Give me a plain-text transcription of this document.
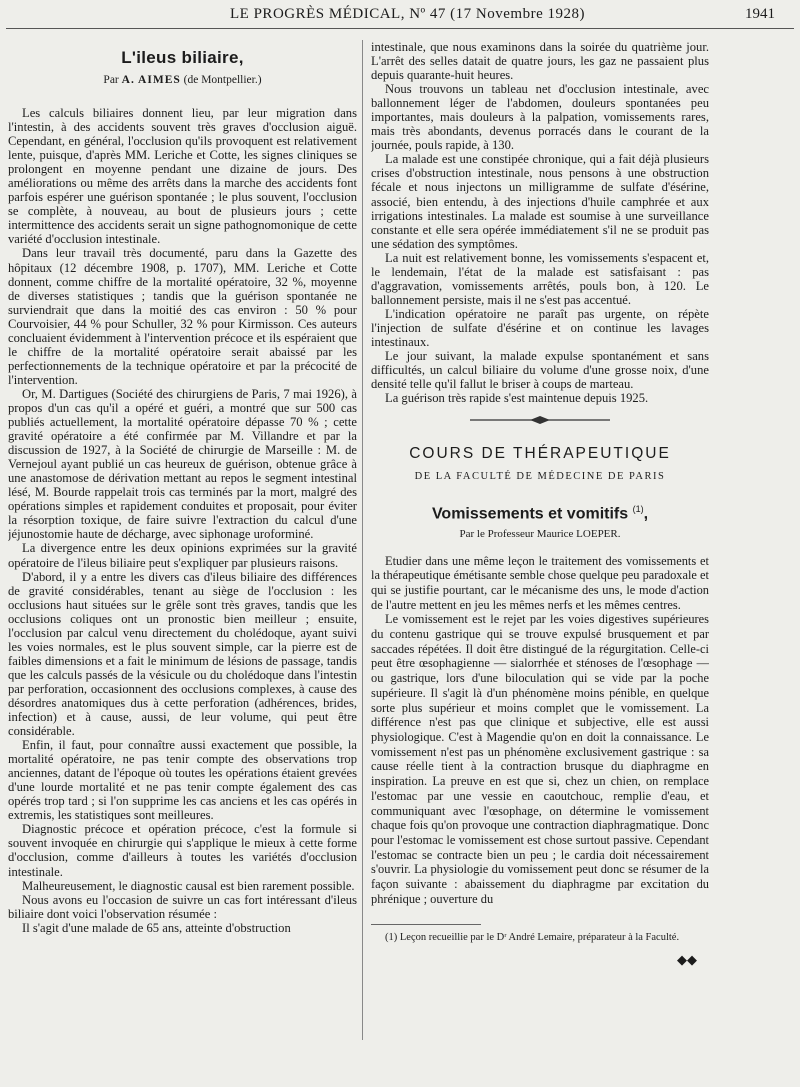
LE PROGRÈS MÉDICAL, Nº 47 (17 Novembre 1928)	1941
L'ileus biliaire,
Par A. AIMES (de Montpellier.)

Les calculs biliaires donnent lieu, par leur migration dans l'intestin, à des accidents souvent très graves d'occlusion aiguë. Cependant, en général, l'occlusion qu'ils provoquent est relativement lente, puisque, d'après MM. Leriche et Cotte, les signes cliniques se prolongent en moyenne pendant une dizaine de jours. Des améliorations ou même des arrêts dans la marche des accidents font parfois espérer une guérison spontanée ; le plus souvent, l'occlusion se complète, à nouveau, au bout de plusieurs jours ; cette intermittence des accidents serait un signe pathognomonique de cette variété d'occlusion intestinale.

Dans leur travail très documenté, paru dans la Gazette des hôpitaux (12 décembre 1908, p. 1707), MM. Leriche et Cotte donnent, comme chiffre de la mortalité opératoire, 32 %, moyenne de diverses statistiques ; tandis que la guérison spontanée ne surviendrait que dans la moitié des cas environ : 50 % pour Courvoisier, 44 % pour Schuller, 32 % pour Kirmisson. Ces auteurs concluaient évidemment à l'intervention précoce et ils espéraient que le chiffre de la mortalité opératoire serait abaissé par les perfectionnements de la technique opératoire et par la précocité de l'intervention.

Or, M. Dartigues (Société des chirurgiens de Paris, 7 mai 1926), à propos d'un cas qu'il a opéré et guéri, a montré que sur 500 cas publiés actuellement, la mortalité opératoire dépasse 70 % ; cette gravité opératoire a été confirmée par M. Villandre et par la discussion de 1927, à la Société de chirurgie de Marseille : M. de Vernejoul ayant publié un cas heureux de guérison, obtenue grâce à une anastomose de dérivation mettant au repos le segment intestinal lésé, M. Bourde rappelait trois cas terminés par la mort, malgré des opérations simples et rapidement conduites et proposait, pour éviter la résorption toxique, de faire suivre l'extraction du calcul d'une jéjunostomie haute de décharge, avec siphonage uroforminé.

La divergence entre les deux opinions exprimées sur la gravité opératoire de l'ileus biliaire peut s'expliquer par plusieurs raisons.

D'abord, il y a entre les divers cas d'ileus biliaire des différences de gravité considérables, tenant au siège de l'occlusion : les occlusions haut situées sur le grêle sont très graves, tandis que les occlusions coliques ont un pronostic bien meilleur ; ensuite, l'occlusion par calcul venu directement du cholédoque, ayant suivi les voies normales, est le plus souvent simple, car la pierre est de faibles dimensions et a fait le minimum de lésions de passage, tandis que les calculs passés de la vésicule ou du cholédoque dans l'intestin par perforation, occasionnent des occlusions complexes, à cause des désordres anatomiques dus à cette perforation (adhérences, brides, infection) et à cause, aussi, de leur volume, qui peut être considérable.

Enfin, il faut, pour connaître aussi exactement que possible, la mortalité opératoire, ne pas tenir compte des observations trop anciennes, datant de l'époque où toutes les opérations étaient grevées d'une lourde mortalité et ne pas tenir compte également des cas opérés trop tard ; si l'on supprime les cas anciens et les cas opérés in extremis, les statistiques sont meilleures.

Diagnostic précoce et opération précoce, c'est la formule si souvent invoquée en chirurgie qui s'applique le mieux à cette forme d'occlusion, comme d'ailleurs à toutes les variétés d'occlusion intestinale.

Malheureusement, le diagnostic causal est bien rarement possible.

Nous avons eu l'occasion de suivre un cas fort intéressant d'ileus biliaire dont voici l'observation résumée :

Il s'agit d'une malade de 65 ans, atteinte d'obstruction

intestinale, que nous examinons dans la soirée du quatrième jour. L'arrêt des selles datait de quatre jours, les gaz ne passaient plus depuis quarante-huit heures.

Nous trouvons un tableau net d'occlusion intestinale, avec ballonnement léger de l'abdomen, douleurs spontanées peu importantes, mais douleurs à la palpation, vomissements rares, mais très abondants, devenus porracés dans le courant de la journée, pouls rapide, à 130.

La malade est une constipée chronique, qui a fait déjà plusieurs crises d'obstruction intestinale, nous pensons à une obstruction fécale et nous injectons un milligramme de sulfate d'ésérine, associé, bien entendu, à des injections d'huile camphrée et aux irrigations intestinales. La malade est soumise à une surveillance constante et elle sera opérée immédiatement s'il ne se produit pas une sédation des symptômes.

La nuit est relativement bonne, les vomissements s'espacent et, le lendemain, l'état de la malade est satisfaisant : pas d'aggravation, vomissements arrêtés, pouls bon, à 120. Le ballonnement persiste, mais il ne s'est pas accentué.

L'indication opératoire ne paraît pas urgente, on répète l'injection de sulfate d'ésérine et on continue les lavages intestinaux.

Le jour suivant, la malade expulse spontanément et sans difficultés, un calcul biliaire du volume d'une grosse noix, d'une densité telle qu'il fallut le briser à coups de marteau.

La guérison très rapide s'est maintenue depuis 1925.

COURS DE THÉRAPEUTIQUE
DE LA FACULTÉ DE MÉDECINE DE PARIS
Vomissements et vomitifs $^{(1)}$,
Par le Professeur Maurice LOEPER.

Etudier dans une même leçon le traitement des vomissements et la thérapeutique émétisante semble chose quelque peu paradoxale et qui se justifie pourtant, car le mécanisme des uns, le mode d'action de l'autre mettent en jeu les mêmes nerfs et les mêmes centres.

Le vomissement est le rejet par les voies digestives supérieures du contenu gastrique qui se trouve expulsé brusquement et par saccades répétées. Il doit être distingué de la régurgitation. Celle-ci peut être œsophagienne — sialorrhée et sténoses de l'œsophage — ou gastrique, lors d'une biloculation qui se vide par la poche supérieure. Il s'agit là d'un phénomène moins pénible, en quelque sorte plus supérieur et moins complet que le vomissement. La différence n'est pas que clinique et subjective, elle est aussi physiologique. C'est à Magendie qu'on en doit la connaissance. Le vomissement n'est pas un phénomène exclusivement gastrique : sa cause réelle tient à la contraction brusque du diaphragme en inspiration. La preuve en est que si, chez un chien, on remplace l'estomac par une vessie en caoutchouc, remplie d'eau, et communiquant avec l'œsophage, on détermine le vomissement chaque fois qu'on provoque une contraction diaphragmatique. Donc pour l'estomac le vomissement est chose surtout passive. Cependant l'estomac se contracte bien un peu ; le cardia doit nécessairement s'ouvrir. La physiologie du vomissement peut donc se résumer de la façon suivante : abaissement du diaphragme par excitation du phrénique ; ouverture du

(1) Leçon recueillie par le Dʳ André Lemaire, préparateur à la Faculté.

◆◆
